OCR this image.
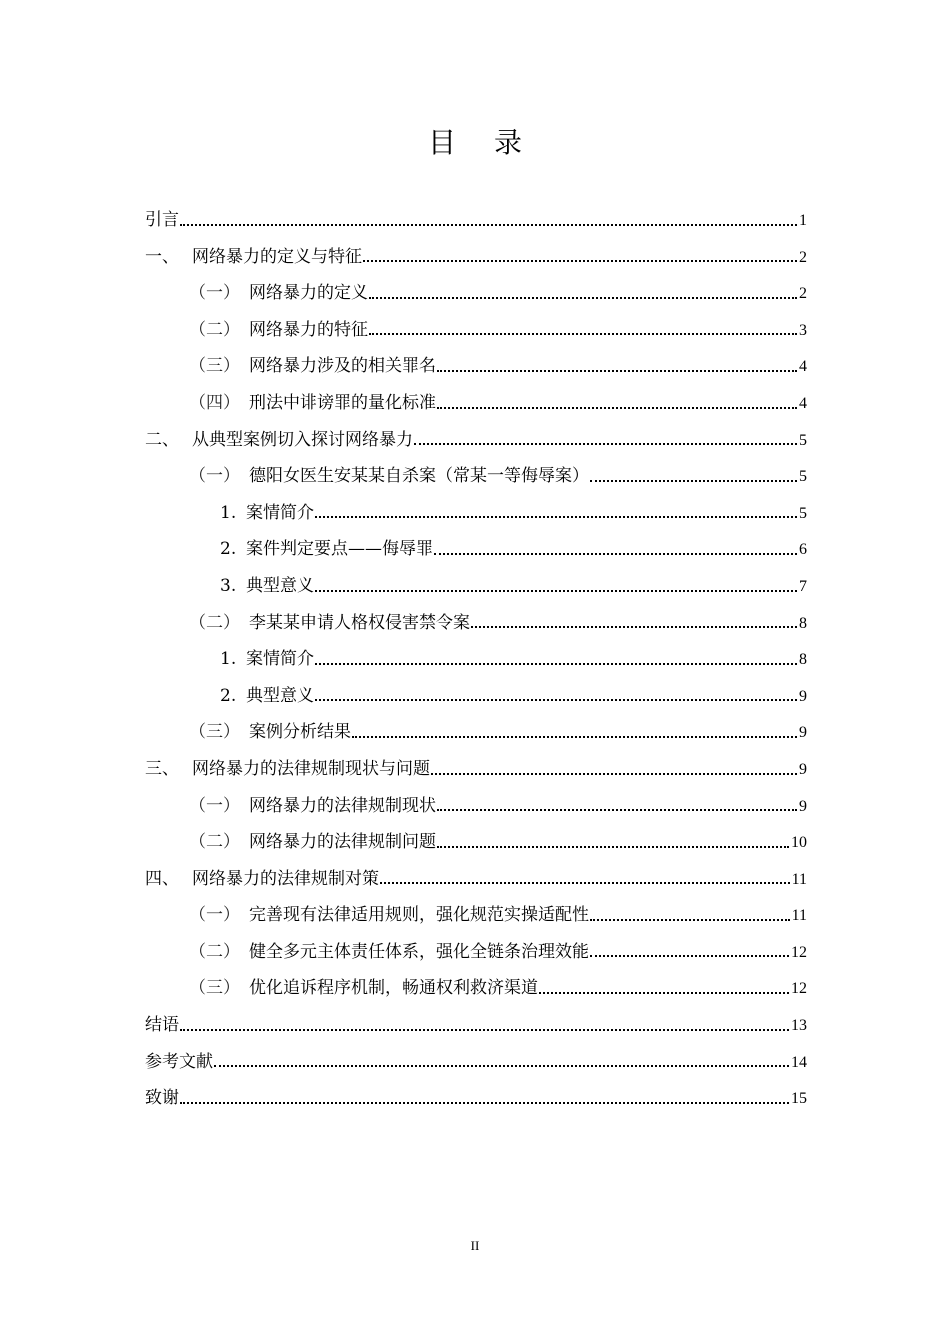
目录
引言	1
一、 网络暴力的定义与特征	2
（一） 网络暴力的定义	2
（二） 网络暴力的特征	3
（三） 网络暴力涉及的相关罪名	4
（四） 刑法中诽谤罪的量化标准	4
二、 从典型案例切入探讨网络暴力	5
（一） 德阳女医生安某某自杀案（常某一等侮辱案）	5
1. 案情简介	5
2. 案件判定要点——侮辱罪	6
3. 典型意义	7
（二） 李某某申请人格权侵害禁令案	8
1. 案情简介	8
2. 典型意义	9
（三） 案例分析结果	9
三、 网络暴力的法律规制现状与问题	9
（一） 网络暴力的法律规制现状	9
（二） 网络暴力的法律规制问题	10
四、 网络暴力的法律规制对策	11
（一） 完善现有法律适用规则，强化规范实操适配性	11
（二） 健全多元主体责任体系，强化全链条治理效能	12
（三） 优化追诉程序机制，畅通权利救济渠道	12
结语	13
参考文献	14
致谢	15
II
